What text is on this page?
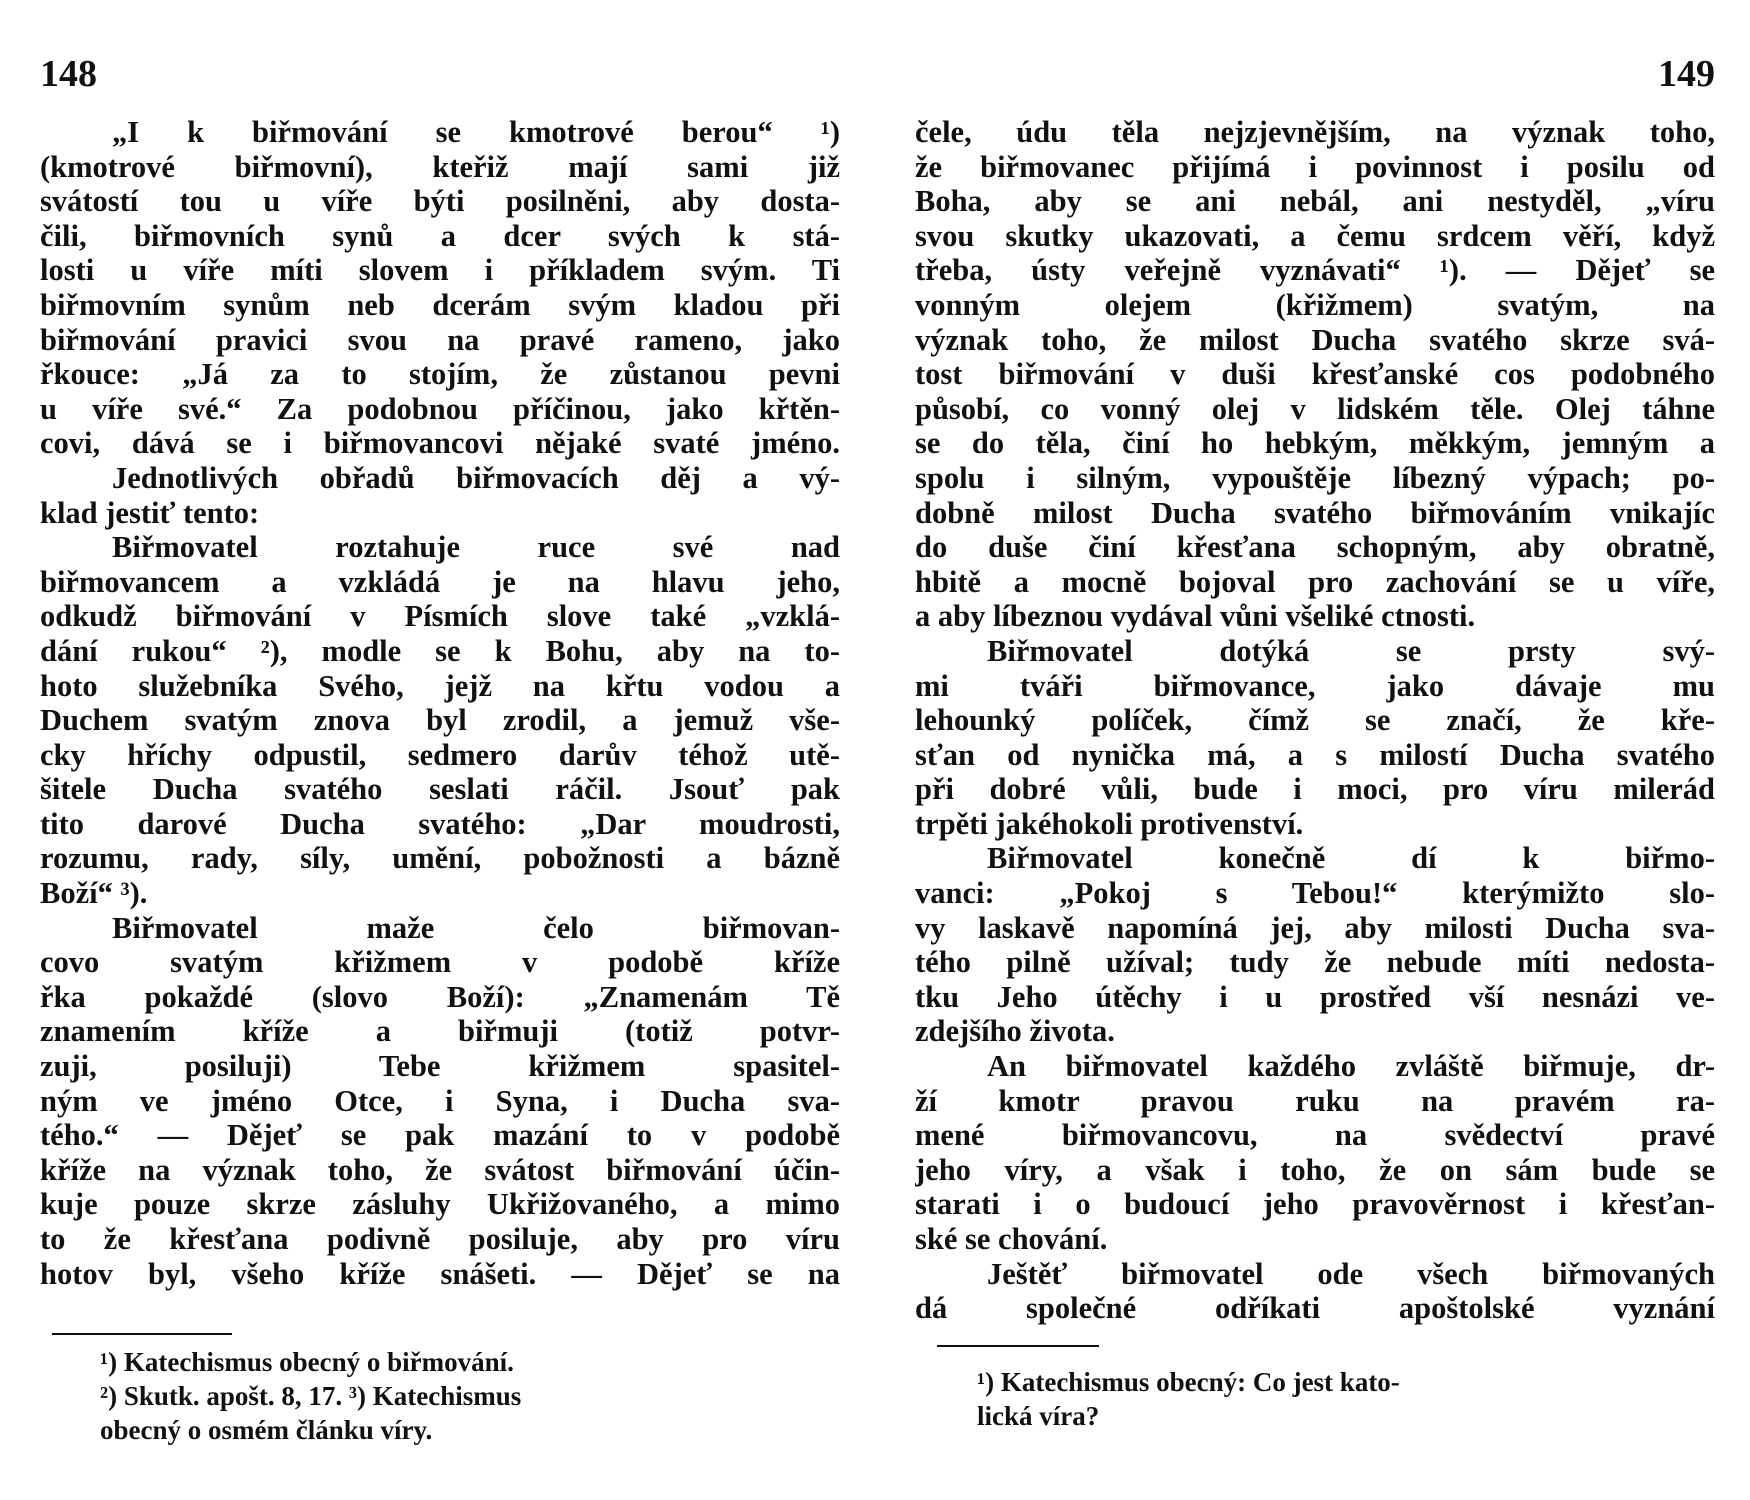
148
„I k biřmování se kmotrové berou“ ¹)
(kmotrové biřmovní), kteřiž mají sami již
svátostí tou u víře býti posilněni, aby dosta-
čili, biřmovních synů a dcer svých k stá-
losti u víře míti slovem i příkladem svým. Ti
biřmovním synům neb dcerám svým kladou při
biřmování pravici svou na pravé rameno, jako
řkouce: „Já za to stojím, že zůstanou pevni
u víře své.“ Za podobnou příčinou, jako křtěn-
covi, dává se i biřmovancovi nějaké svaté jméno.
Jednotlivých obřadů biřmovacích děj a vý-
klad jestiť tento:
Biřmovatel roztahuje ruce své nad
biřmovancem a vzkládá je na hlavu jeho,
odkudž biřmování v Písmích slove také „vzklá-
dání rukou“ ²), modle se k Bohu, aby na to-
hoto služebníka Svého, jejž na křtu vodou a
Duchem svatým znova byl zrodil, a jemuž vše-
cky hříchy odpustil, sedmero darův téhož utě-
šitele Ducha svatého seslati ráčil. Jsouť pak
tito darové Ducha svatého: „Dar moudrosti,
rozumu, rady, síly, umění, pobožnosti a bázně
Boží“ ³).
Biřmovatel maže čelo biřmovan-
covo svatým křižmem v podobě kříže
řka pokaždé (slovo Boží): „Znamenám Tě
znamením kříže a biřmuji (totiž potvr-
zuji, posiluji) Tebe křižmem spasitel-
ným ve jméno Otce, i Syna, i Ducha sva-
tého.“ — Dějeť se pak mazání to v podobě
kříže na význak toho, že svátost biřmování účin-
kuje pouze skrze zásluhy Ukřižovaného, a mimo
to že křesťana podivně posiluje, aby pro víru
hotov byl, všeho kříže snášeti. — Dějeť se na
¹) Katechismus obecný o biřmování.
²) Skutk. apošt. 8, 17. ³) Katechismus
obecný o osmém článku víry.
149
čele, údu těla nejzjevnějším, na význak toho,
že biřmovanec přijímá i povinnost i posilu od
Boha, aby se ani nebál, ani nestyděl, „víru
svou skutky ukazovati, a čemu srdcem věří, když
třeba, ústy veřejně vyznávati“ ¹). — Dějeť se
vonným olejem (křižmem) svatým, na
význak toho, že milost Ducha svatého skrze svá-
tost biřmování v duši křesťanské cos podobného
působí, co vonný olej v lidském těle. Olej táhne
se do těla, činí ho hebkým, měkkým, jemným a
spolu i silným, vypouštěje líbezný výpach; po-
dobně milost Ducha svatého biřmováním vnikajíc
do duše činí křesťana schopným, aby obratně,
hbitě a mocně bojoval pro zachování se u víře,
a aby líbeznou vydával vůni všeliké ctnosti.
Biřmovatel dotýká se prsty svý-
mi tváři biřmovance, jako dávaje mu
lehounký políček, čímž se značí, že kře-
sťan od nynička má, a s milostí Ducha svatého
při dobré vůli, bude i moci, pro víru milerád
trpěti jakéhokoli protivenství.
Biřmovatel konečně dí k biřmo-
vanci: „Pokoj s Tebou!“ kterýmižto slo-
vy laskavě napomíná jej, aby milosti Ducha sva-
tého pilně užíval; tudy že nebude míti nedosta-
tku Jeho útěchy i u prostřed vší nesnázi ve-
zdejšího života.
An biřmovatel každého zvláště biřmuje, dr-
ží kmotr pravou ruku na pravém ra-
mené biřmovancovu, na svědectví pravé
jeho víry, a však i toho, že on sám bude se
starati i o budoucí jeho pravověrnost i křesťan-
ské se chování.
Ještěť biřmovatel ode všech biřmovaných
dá společné odříkati apoštolské vyznání
¹) Katechismus obecný: Co jest kato-
lická víra?
